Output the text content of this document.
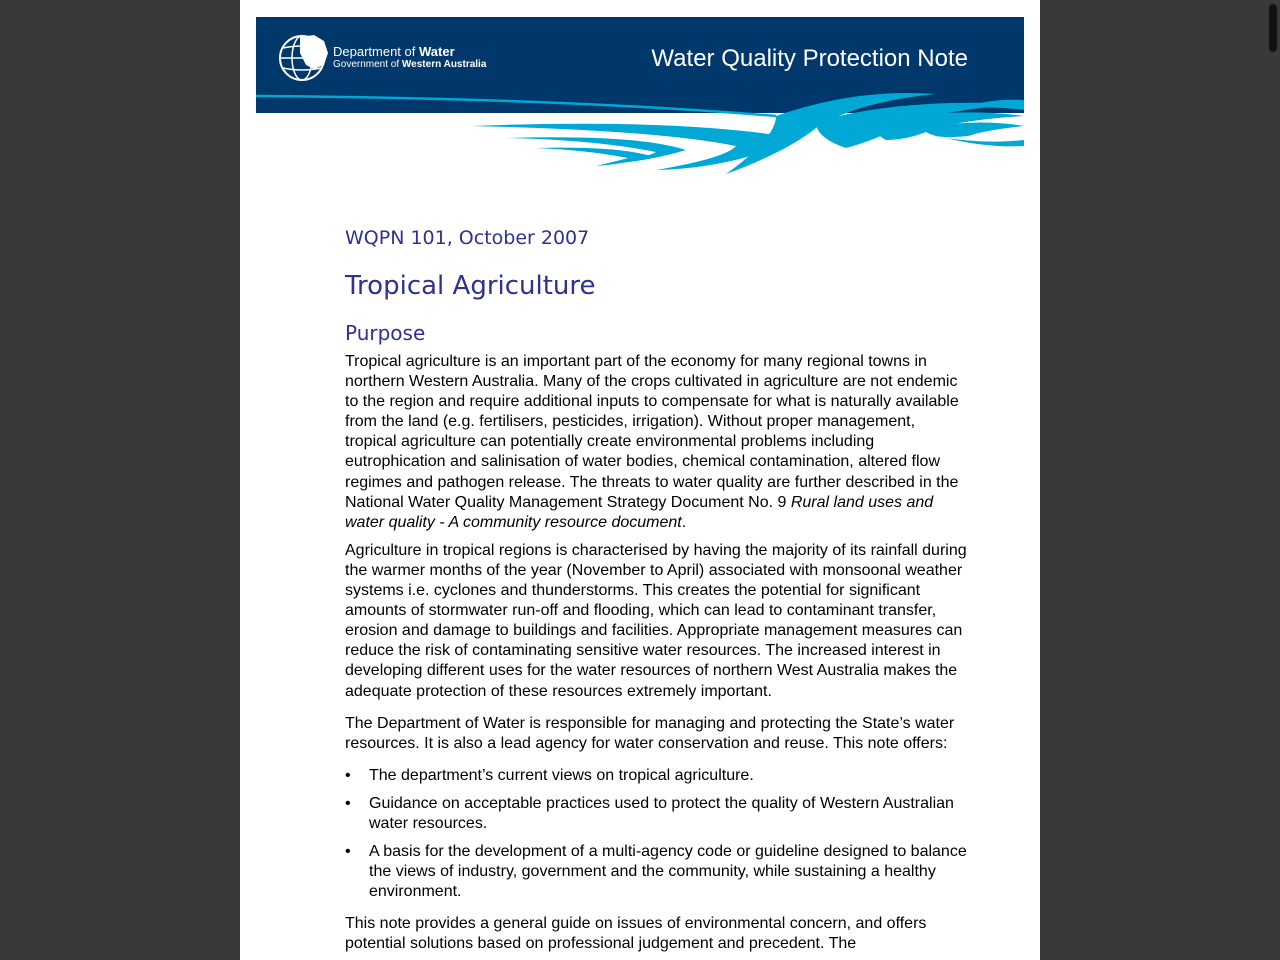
Department of Water
Government of Western Australia	Water Quality Protection Note
WQPN 101, October 2007
Tropical Agriculture
Purpose

Tropical agriculture is an important part of the economy for many regional towns in northern Western Australia. Many of the crops cultivated in agriculture are not endemic to the region and require additional inputs to compensate for what is naturally available from the land (e.g. fertilisers, pesticides, irrigation). Without proper management, tropical agriculture can potentially create environmental problems including eutrophication and salinisation of water bodies, chemical contamination, altered flow regimes and pathogen release. The threats to water quality are further described in the National Water Quality Management Strategy Document No. 9 Rural land uses and water quality - A community resource document.

Agriculture in tropical regions is characterised by having the majority of its rainfall during the warmer months of the year (November to April) associated with monsoonal weather systems i.e. cyclones and thunderstorms. This creates the potential for significant amounts of stormwater run-off and flooding, which can lead to contaminant transfer, erosion and damage to buildings and facilities. Appropriate management measures can reduce the risk of contaminating sensitive water resources. The increased interest in developing different uses for the water resources of northern West Australia makes the adequate protection of these resources extremely important.

The Department of Water is responsible for managing and protecting the State’s water resources. It is also a lead agency for water conservation and reuse. This note offers:

• The department’s current views on tropical agriculture.
• Guidance on acceptable practices used to protect the quality of Western Australian water resources.
• A basis for the development of a multi-agency code or guideline designed to balance the views of industry, government and the community, while sustaining a healthy environment.

This note provides a general guide on issues of environmental concern, and offers potential solutions based on professional judgement and precedent. The
